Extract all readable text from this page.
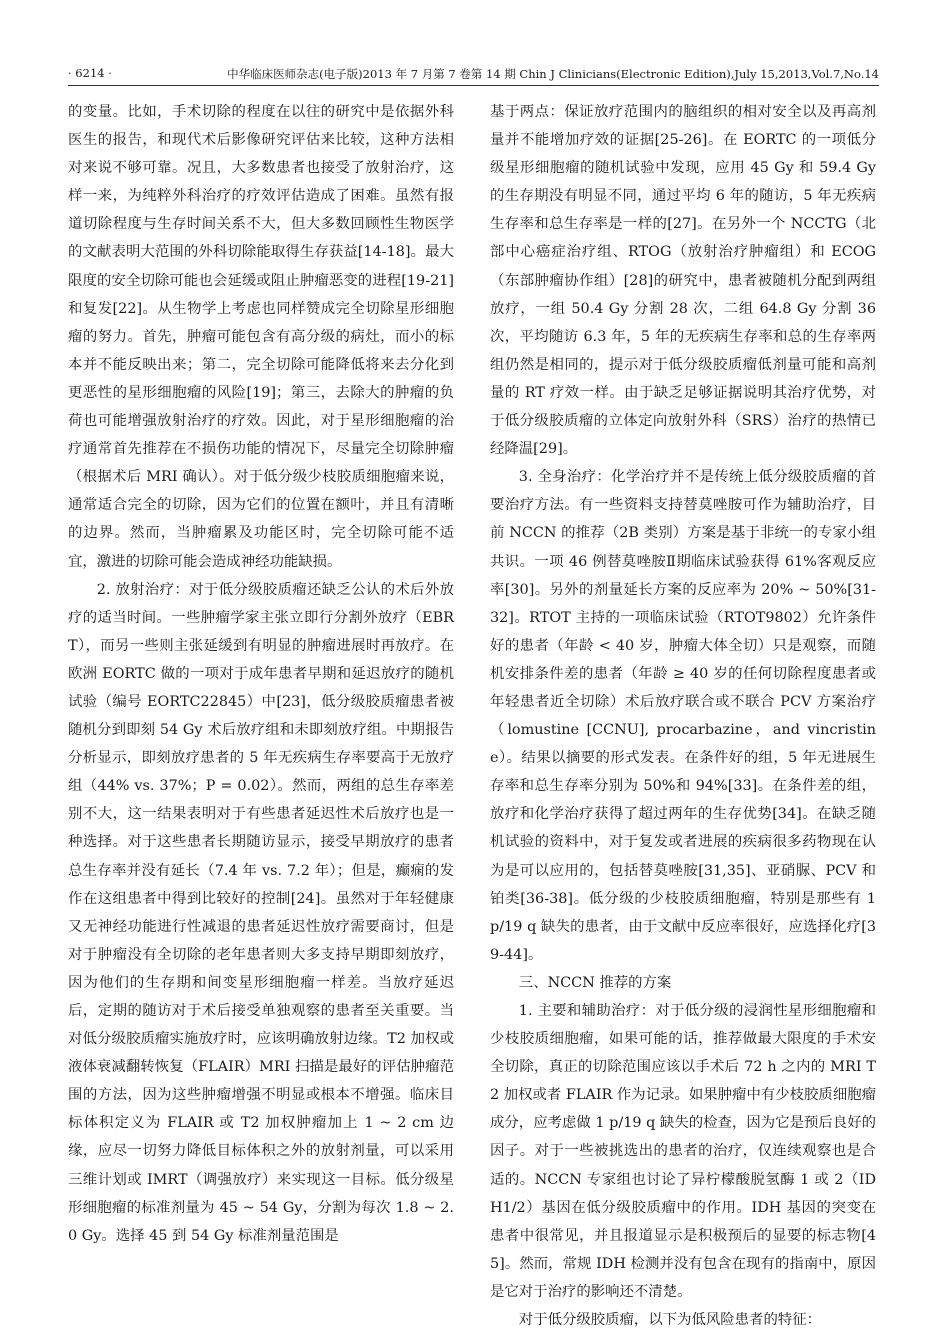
· 6214 ·	中华临床医师杂志(电子版)2013 年 7 月第 7 卷第 14 期 Chin J Clinicians(Electronic Edition),July 15,2013,Vol.7,No.14

的变量。比如，手术切除的程度在以往的研究中是依据外科医生的报告，和现代术后影像研究评估来比较，这种方法相对来说不够可靠。况且，大多数患者也接受了放射治疗，这样一来，为纯粹外科治疗的疗效评估造成了困难。虽然有报道切除程度与生存时间关系不大，但大多数回顾性生物医学的文献表明大范围的外科切除能取得生存获益[14-18]。最大限度的安全切除可能也会延缓或阻止肿瘤恶变的进程[19-21]和复发[22]。从生物学上考虑也同样赞成完全切除星形细胞瘤的努力。首先，肿瘤可能包含有高分级的病灶，而小的标本并不能反映出来；第二，完全切除可能降低将来去分化到更恶性的星形细胞瘤的风险[19]；第三，去除大的肿瘤的负荷也可能增强放射治疗的疗效。因此，对于星形细胞瘤的治疗通常首先推荐在不损伤功能的情况下，尽量完全切除肿瘤（根据术后 MRI 确认）。对于低分级少枝胶质细胞瘤来说，通常适合完全的切除，因为它们的位置在额叶，并且有清晰的边界。然而，当肿瘤累及功能区时，完全切除可能不适宜，激进的切除可能会造成神经功能缺损。

2. 放射治疗：对于低分级胶质瘤还缺乏公认的术后外放疗的适当时间。一些肿瘤学家主张立即行分割外放疗（EBRT），而另一些则主张延缓到有明显的肿瘤进展时再放疗。在欧洲 EORTC 做的一项对于成年患者早期和延迟放疗的随机试验（编号 EORTC22845）中[23]，低分级胶质瘤患者被随机分到即刻 54 Gy 术后放疗组和未即刻放疗组。中期报告分析显示，即刻放疗患者的 5 年无疾病生存率要高于无放疗组（44% vs. 37%；P = 0.02）。然而，两组的总生存率差别不大，这一结果表明对于有些患者延迟性术后放疗也是一种选择。对于这些患者长期随访显示，接受早期放疗的患者总生存率并没有延长（7.4 年 vs. 7.2 年）；但是，癫痫的发作在这组患者中得到比较好的控制[24]。虽然对于年轻健康又无神经功能进行性减退的患者延迟性放疗需要商讨，但是对于肿瘤没有全切除的老年患者则大多支持早期即刻放疗，因为他们的生存期和间变星形细胞瘤一样差。当放疗延迟后，定期的随访对于术后接受单独观察的患者至关重要。当对低分级胶质瘤实施放疗时，应该明确放射边缘。T2 加权或液体衰减翻转恢复（FLAIR）MRI 扫描是最好的评估肿瘤范围的方法，因为这些肿瘤增强不明显或根本不增强。临床目标体积定义为 FLAIR 或 T2 加权肿瘤加上 1 ~ 2 cm 边缘，应尽一切努力降低目标体积之外的放射剂量，可以采用三维计划或 IMRT（调强放疗）来实现这一目标。低分级星形细胞瘤的标准剂量为 45 ~ 54 Gy，分割为每次 1.8 ~ 2.0 Gy。选择 45 到 54 Gy 标准剂量范围是

基于两点：保证放疗范围内的脑组织的相对安全以及再高剂量并不能增加疗效的证据[25-26]。在 EORTC 的一项低分级星形细胞瘤的随机试验中发现，应用 45 Gy 和 59.4 Gy 的生存期没有明显不同，通过平均 6 年的随访，5 年无疾病生存率和总生存率是一样的[27]。在另外一个 NCCTG（北部中心癌症治疗组、RTOG（放射治疗肿瘤组）和 ECOG（东部肿瘤协作组）[28]的研究中，患者被随机分配到两组放疗，一组 50.4 Gy 分割 28 次，二组 64.8 Gy 分割 36 次，平均随访 6.3 年，5 年的无疾病生存率和总的生存率两组仍然是相同的，提示对于低分级胶质瘤低剂量可能和高剂量的 RT 疗效一样。由于缺乏足够证据说明其治疗优势，对于低分级胶质瘤的立体定向放射外科（SRS）治疗的热情已经降温[29]。

3. 全身治疗：化学治疗并不是传统上低分级胶质瘤的首要治疗方法。有一些资料支持替莫唑胺可作为辅助治疗，目前 NCCN 的推荐（2B 类别）方案是基于非统一的专家小组共识。一项 46 例替莫唑胺Ⅱ期临床试验获得 61%客观反应率[30]。另外的剂量延长方案的反应率为 20% ~ 50%[31-32]。RTOT 主持的一项临床试验（RTOT9802）允许条件好的患者（年龄 < 40 岁，肿瘤大体全切）只是观察，而随机安排条件差的患者（年龄 ≥ 40 岁的任何切除程度患者或年轻患者近全切除）术后放疗联合或不联合 PCV 方案治疗（lomustine [CCNU], procarbazine，and vincristine）。结果以摘要的形式发表。在条件好的组，5 年无进展生存率和总生存率分别为 50%和 94%[33]。在条件差的组，放疗和化学治疗获得了超过两年的生存优势[34]。在缺乏随机试验的资料中，对于复发或者进展的疾病很多药物现在认为是可以应用的，包括替莫唑胺[31,35]、亚硝脲、PCV 和铂类[36-38]。低分级的少枝胶质细胞瘤，特别是那些有 1 p/19 q 缺失的患者，由于文献中反应率很好，应选择化疗[39-44]。

三、NCCN 推荐的方案

1. 主要和辅助治疗：对于低分级的浸润性星形细胞瘤和少枝胶质细胞瘤，如果可能的话，推荐做最大限度的手术安全切除，真正的切除范围应该以手术后 72 h 之内的 MRI T2 加权或者 FLAIR 作为记录。如果肿瘤中有少枝胶质细胞瘤成分，应考虑做 1 p/19 q 缺失的检查，因为它是预后良好的因子。对于一些被挑选出的患者的治疗，仅连续观察也是合适的。NCCN 专家组也讨论了异柠檬酸脱氢酶 1 或 2（IDH1/2）基因在低分级胶质瘤中的作用。IDH 基因的突变在患者中很常见，并且报道显示是积极预后的显要的标志物[45]。然而，常规 IDH 检测并没有包含在现有的指南中，原因是它对于治疗的影响还不清楚。

对于低分级胶质瘤，以下为低风险患者的特征：
